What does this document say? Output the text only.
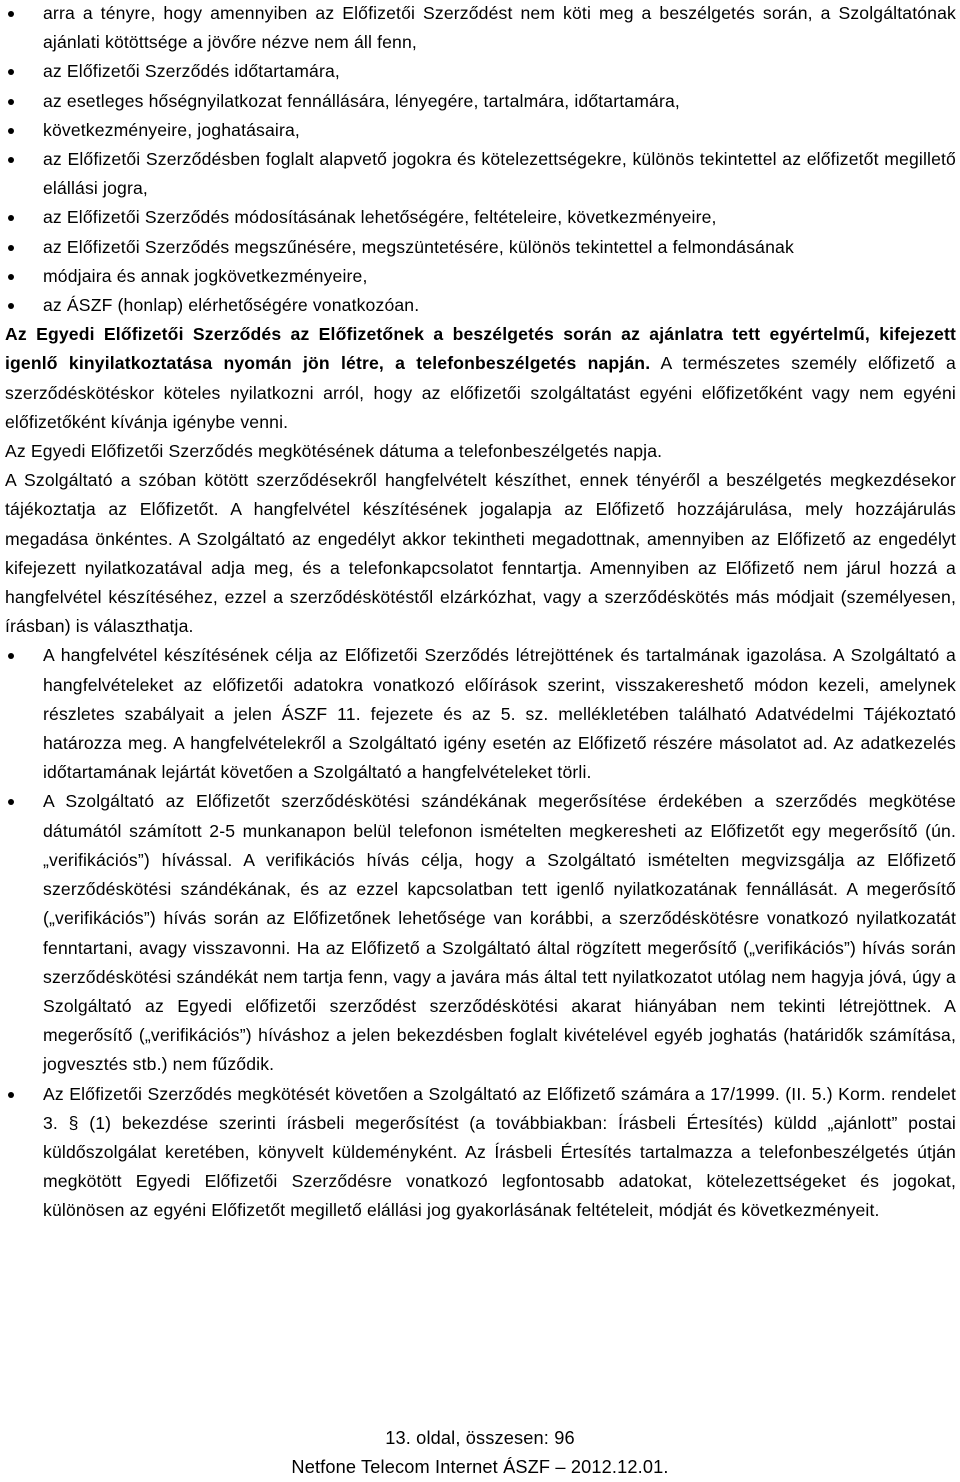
arra a tényre, hogy amennyiben az Előfizetői Szerződést nem köti meg a beszélgetés során, a Szolgáltatónak ajánlati kötöttsége a jövőre nézve nem áll fenn,
az Előfizetői Szerződés időtartamára,
az esetleges hőségnyilatkozat fennállására, lényegére, tartalmára, időtartamára,
következményeire, joghatásaira,
az Előfizetői Szerződésben foglalt alapvető jogokra és kötelezettségekre, különös tekintettel az előfizetőt megillető elállási jogra,
az Előfizetői Szerződés módosításának lehetőségére, feltételeire, következményeire,
az Előfizetői Szerződés megszűnésére, megszüntetésére, különös tekintettel a felmondásának
módjaira és annak jogkövetkezményeire,
az ÁSZF (honlap) elérhetőségére vonatkozóan.

Az Egyedi Előfizetői Szerződés az Előfizetőnek a beszélgetés során az ajánlatra tett egyértelmű, kifejezett igenlő kinyilatkoztatása nyomán jön létre, a telefonbeszélgetés napján. A természetes személy előfizető a szerződéskötéskor köteles nyilatkozni arról, hogy az előfizetői szolgáltatást egyéni előfizetőként vagy nem egyéni előfizetőként kívánja igénybe venni.

Az Egyedi Előfizetői Szerződés megkötésének dátuma a telefonbeszélgetés napja.

A Szolgáltató a szóban kötött szerződésekről hangfelvételt készíthet, ennek tényéről a beszélgetés megkezdésekor tájékoztatja az Előfizetőt. A hangfelvétel készítésének jogalapja az Előfizető hozzájárulása, mely hozzájárulás megadása önkéntes. A Szolgáltató az engedélyt akkor tekintheti megadottnak, amennyiben az Előfizető az engedélyt kifejezett nyilatkozatával adja meg, és a telefonkapcsolatot fenntartja. Amennyiben az Előfizető nem járul hozzá a hangfelvétel készítéséhez, ezzel a szerződéskötéstől elzárkózhat, vagy a szerződéskötés más módjait (személyesen, írásban) is választhatja.

A hangfelvétel készítésének célja az Előfizetői Szerződés létrejöttének és tartalmának igazolása. A Szolgáltató a hangfelvételeket az előfizetői adatokra vonatkozó előírások szerint, visszakereshető módon kezeli, amelynek részletes szabályait a jelen ÁSZF 11. fejezete és az 5. sz. mellékletében található Adatvédelmi Tájékoztató határozza meg. A hangfelvételekről a Szolgáltató igény esetén az Előfizető részére másolatot ad. Az adatkezelés időtartamának lejártát követően a Szolgáltató a hangfelvételeket törli.
A Szolgáltató az Előfizetőt szerződéskötési szándékának megerősítése érdekében a szerződés megkötése dátumától számított 2-5 munkanapon belül telefonon ismételten megkeresheti az Előfizetőt egy megerősítő (ún. „verifikációs”) hívással. A verifikációs hívás célja, hogy a Szolgáltató ismételten megvizsgálja az Előfizető szerződéskötési szándékának, és az ezzel kapcsolatban tett igenlő nyilatkozatának fennállását. A megerősítő („verifikációs”) hívás során az Előfizetőnek lehetősége van korábbi, a szerződéskötésre vonatkozó nyilatkozatát fenntartani, avagy visszavonni. Ha az Előfizető a Szolgáltató által rögzített megerősítő („verifikációs”) hívás során szerződéskötési szándékát nem tartja fenn, vagy a javára más által tett nyilatkozatot utólag nem hagyja jóvá, úgy a Szolgáltató az Egyedi előfizetői szerződést szerződéskötési akarat hiányában nem tekinti létrejöttnek. A megerősítő („verifikációs”) híváshoz a jelen bekezdésben foglalt kivételével egyéb joghatás (határidők számítása, jogvesztés stb.) nem fűződik.
Az Előfizetői Szerződés megkötését követően a Szolgáltató az Előfizető számára a 17/1999. (II. 5.) Korm. rendelet 3. § (1) bekezdése szerinti írásbeli megerősítést (a továbbiakban: Írásbeli Értesítés) küldd „ajánlott” postai küldőszolgálat keretében, könyvelt küldeményként. Az Írásbeli Értesítés tartalmazza a telefonbeszélgetés útján megkötött Egyedi Előfizetői Szerződésre vonatkozó legfontosabb adatokat, kötelezettségeket és jogokat, különösen az egyéni Előfizetőt megillető elállási jog gyakorlásának feltételeit, módját és következményeit.
13. oldal, összesen: 96
Netfone Telecom Internet ÁSZF – 2012.12.01.
